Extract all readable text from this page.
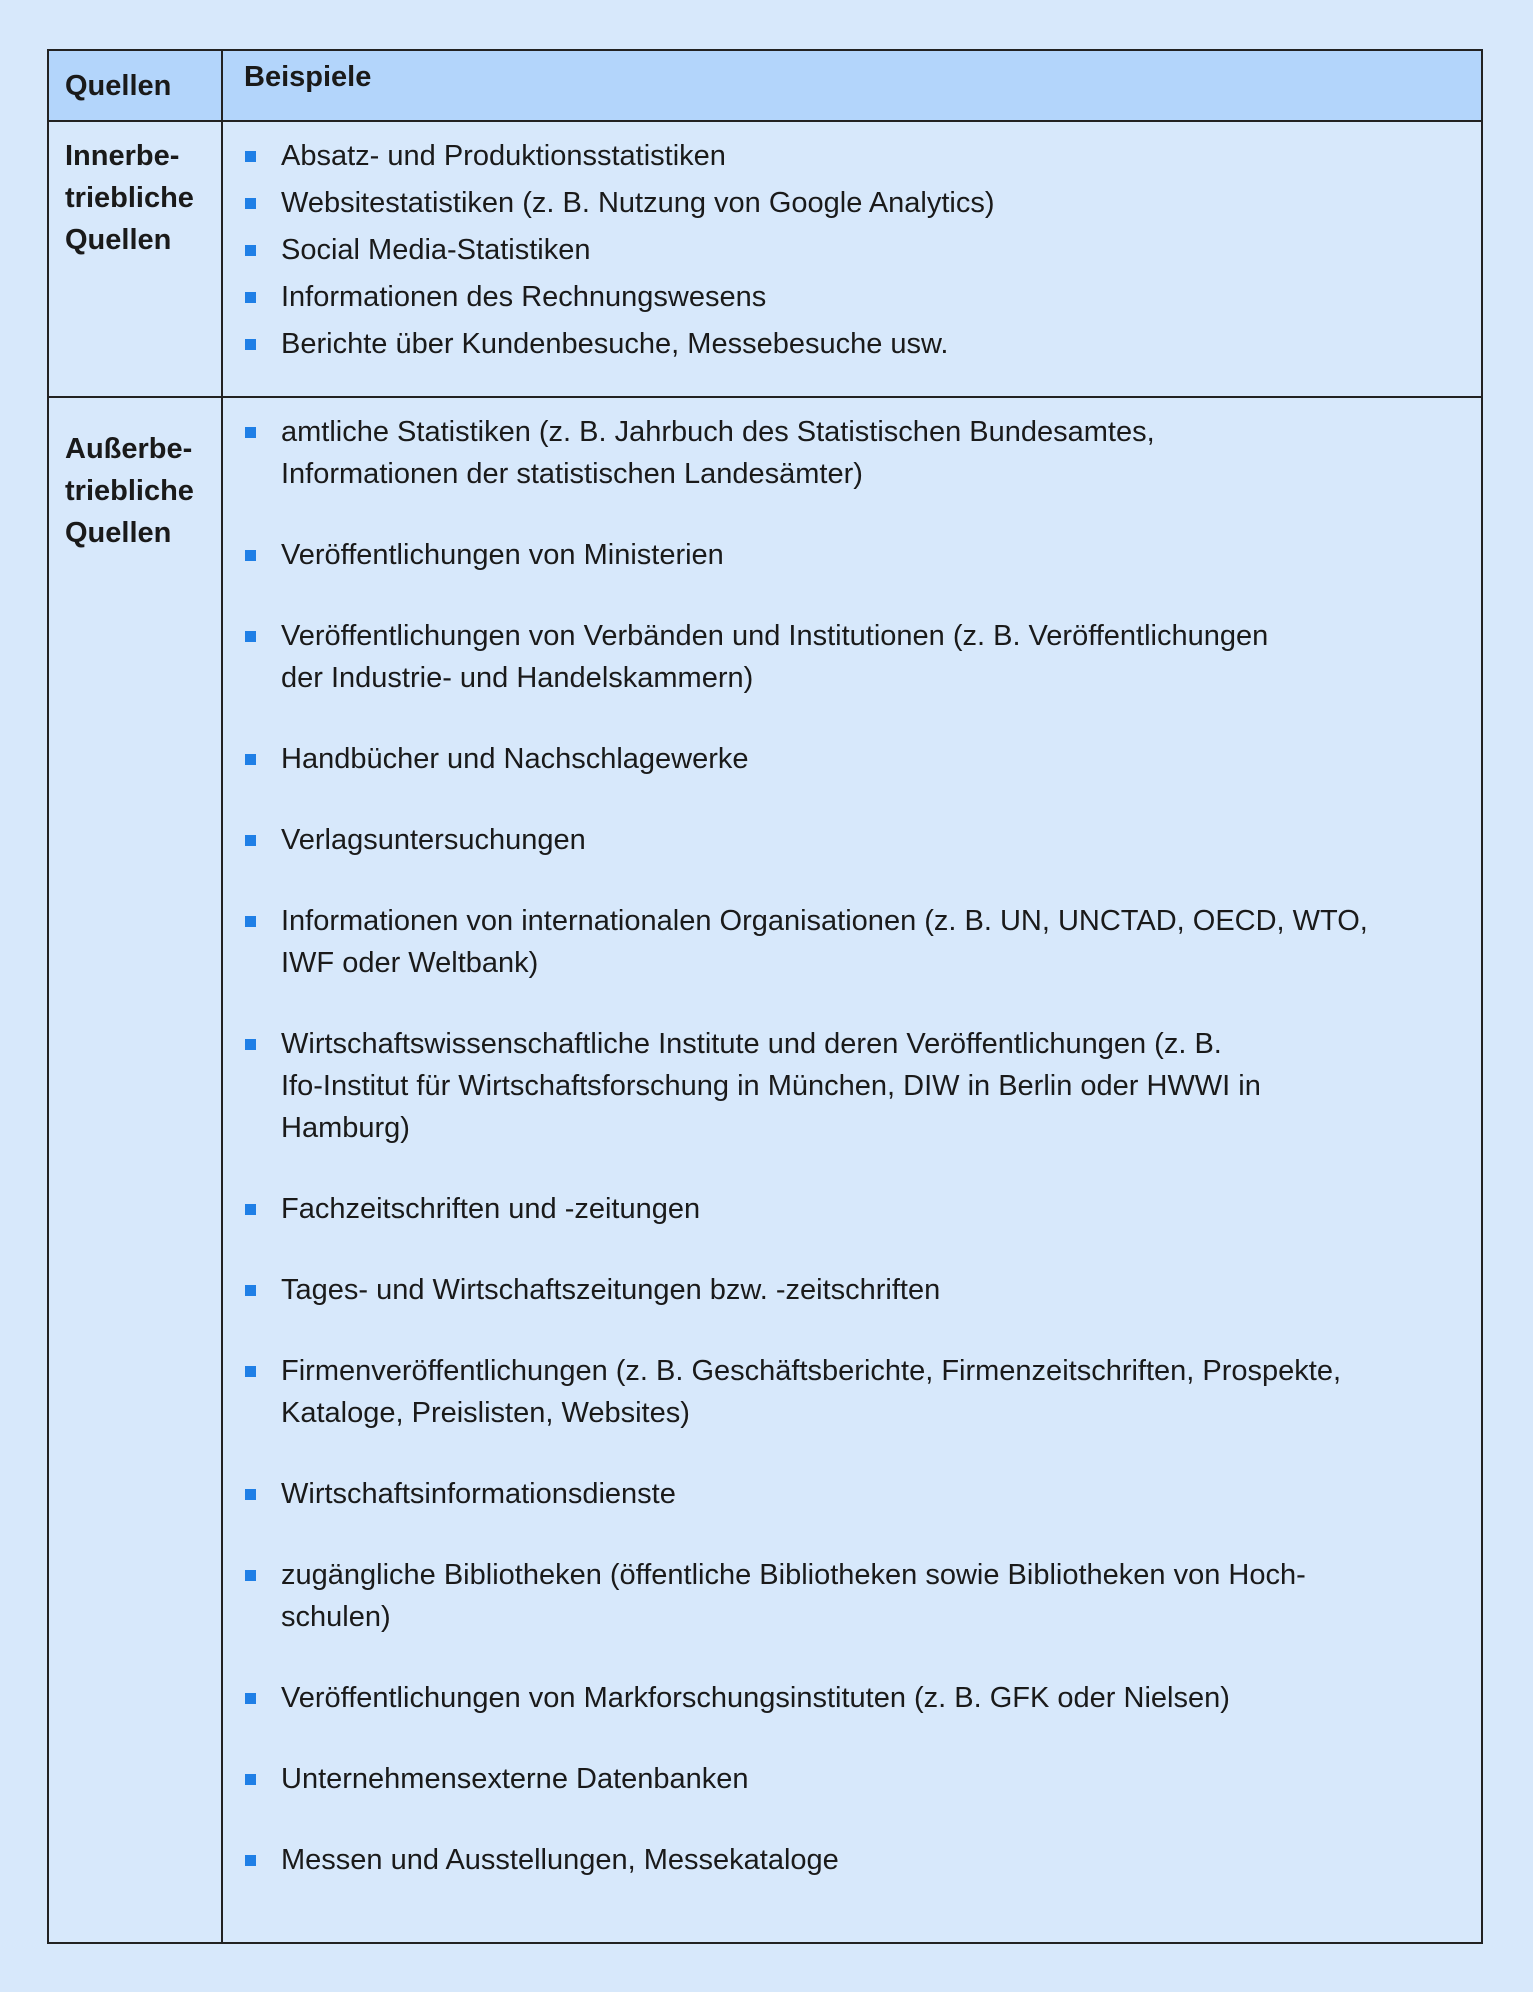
Quellen	Beispiele
Innerbe-
triebliche
Quellen
Absatz- und Produktionsstatistiken
Websitestatistiken (z. B. Nutzung von Google Analytics)
Social Media-Statistiken
Informationen des Rechnungswesens
Berichte über Kundenbesuche, Messebesuche usw.
Außerbe-
triebliche
Quellen
amtliche Statistiken (z. B. Jahrbuch des Statistischen Bundesamtes,
Informationen der statistischen Landesämter)
Veröffentlichungen von Ministerien
Veröffentlichungen von Verbänden und Institutionen (z. B. Veröffentlichungen
der Industrie- und Handelskammern)
Handbücher und Nachschlagewerke
Verlagsuntersuchungen
Informationen von internationalen Organisationen (z. B. UN, UNCTAD, OECD, WTO,
IWF oder Weltbank)
Wirtschaftswissenschaftliche Institute und deren Veröffentlichungen (z. B.
Ifo-Institut für Wirtschaftsforschung in München, DIW in Berlin oder HWWI in
Hamburg)
Fachzeitschriften und -zeitungen
Tages- und Wirtschaftszeitungen bzw. -zeitschriften
Firmenveröffentlichungen (z. B. Geschäftsberichte, Firmenzeitschriften, Prospekte,
Kataloge, Preislisten, Websites)
Wirtschaftsinformationsdienste
zugängliche Bibliotheken (öffentliche Bibliotheken sowie Bibliotheken von Hoch-
schulen)
Veröffentlichungen von Markforschungsinstituten (z. B. GFK oder Nielsen)
Unternehmensexterne Datenbanken
Messen und Ausstellungen, Messekataloge
